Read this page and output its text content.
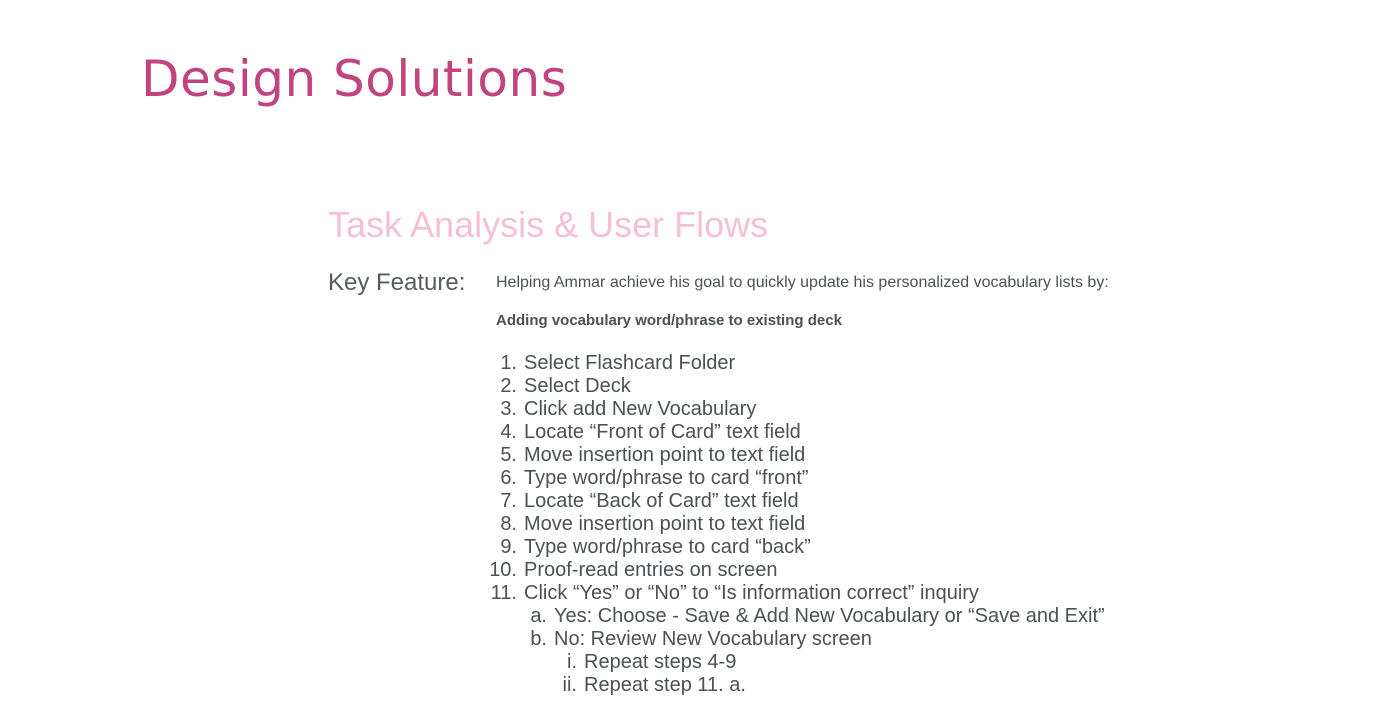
Design Solutions
Task Analysis & User Flows
Key Feature: Helping Ammar achieve his goal to quickly update his personalized vocabulary lists by:
Adding vocabulary word/phrase to existing deck
1. Select Flashcard Folder
2. Select Deck
3. Click add New Vocabulary
4. Locate “Front of Card” text field
5. Move insertion point to text field
6. Type word/phrase to card “front”
7. Locate “Back of Card” text field
8. Move insertion point to text field
9. Type word/phrase to card “back”
10. Proof-read entries on screen
11. Click “Yes” or “No” to “Is information correct” inquiry
a. Yes: Choose - Save & Add New Vocabulary or “Save and Exit”
b. No: Review New Vocabulary screen
i. Repeat steps 4-9
ii. Repeat step 11. a.
